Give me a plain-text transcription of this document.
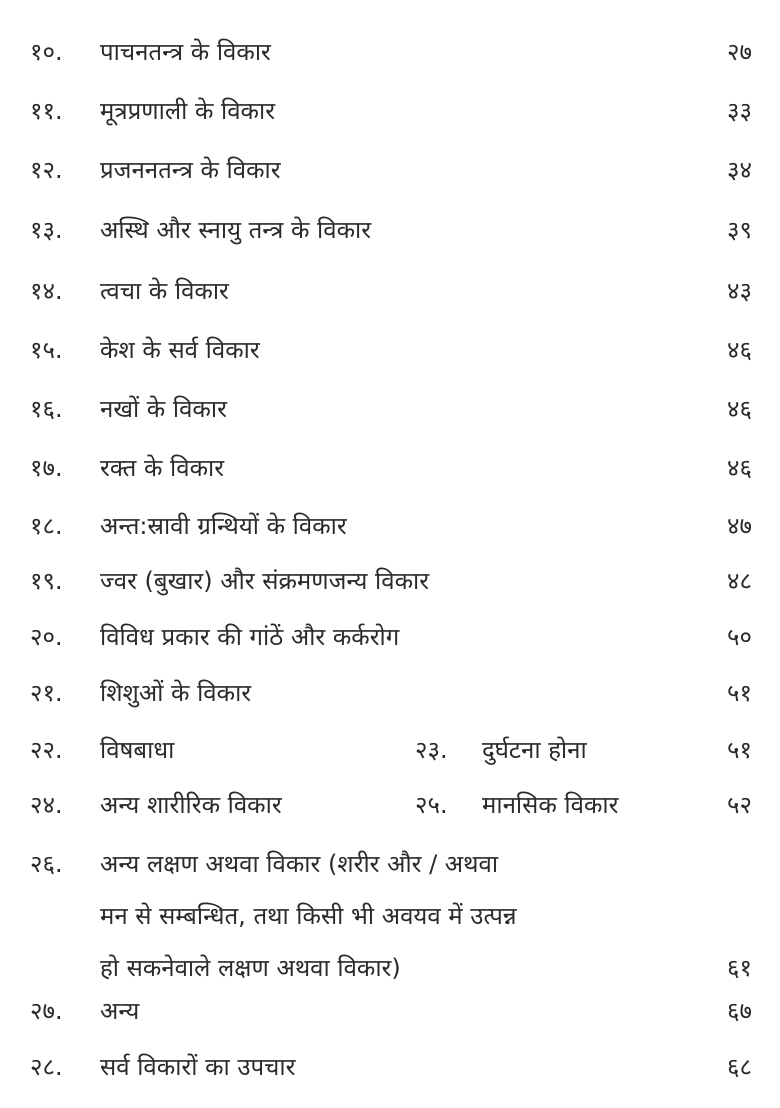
१०. पाचनतन्त्र के विकार	२७
११. मूत्रप्रणाली के विकार	३३
१२. प्रजननतन्त्र के विकार	३४
१३. अस्थि और स्नायु तन्त्र के विकार	३९
१४. त्वचा के विकार	४३
१५. केश के सर्व विकार	४६
१६. नखों के विकार	४६
१७. रक्त के विकार	४६
१८. अन्त:स्रावी ग्रन्थियों के विकार	४७
१९. ज्वर (बुखार) और संक्रमणजन्य विकार	४८
२०. विविध प्रकार की गांठें और कर्करोग	५०
२१. शिशुओं के विकार	५१
२२. विषबाधा	२३. दुर्घटना होना	५१
२४. अन्य शारीरिक विकार	२५. मानसिक विकार	५२
२६. अन्य लक्षण अथवा विकार (शरीर और / अथवा
मन से सम्बन्धित, तथा किसी भी अवयव में उत्पन्न
हो सकनेवाले लक्षण अथवा विकार)	६१
२७. अन्य	६७
२८. सर्व विकारों का उपचार	६८
